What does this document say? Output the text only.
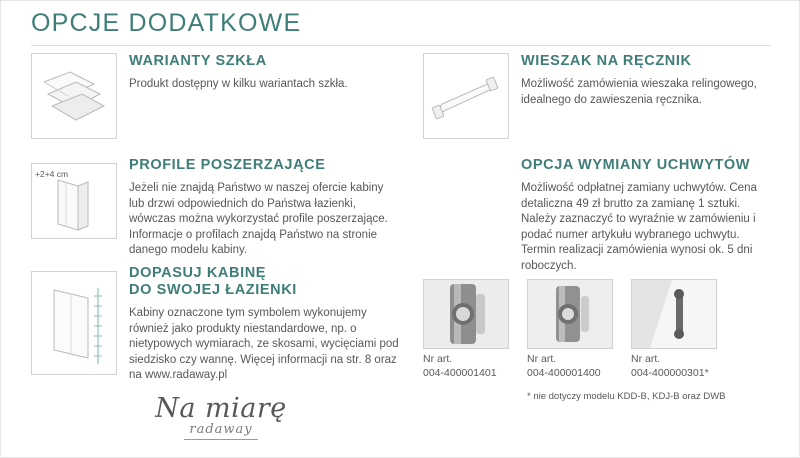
OPCJE DODATKOWE
WARIANTY SZKŁA
Produkt dostępny w kilku wariantach szkła.
+2+4 cm
PROFILE POSZERZAJĄCE
Jeżeli nie znajdą Państwo w naszej ofercie kabiny lub drzwi odpowiednich do Państwa łazienki, wówczas można wykorzystać profile poszerzające. Informacje o profilach znajdą Państwo na stronie danego modelu kabiny.
DOPASUJ KABINĘ
DO SWOJEJ ŁAZIENKI
Kabiny oznaczone tym symbolem wykonujemy również jako produkty niestandardowe, np. o nietypowych wymiarach, ze skosami, wycięciami pod siedzisko czy wannę. Więcej informacji na str. 8 oraz na www.radaway.pl
Na miarę
radaway
WIESZAK NA RĘCZNIK
Możliwość zamówienia wieszaka relingowego, idealnego do zawieszenia ręcznika.
OPCJA WYMIANY UCHWYTÓW
Możliwość odpłatnej zamiany uchwytów. Cena detaliczna 49 zł brutto za zamianę 1 sztuki. Należy zaznaczyć to wyraźnie w zamówieniu i podać numer artykułu wybranego uchwytu. Termin realizacji zamówienia wynosi ok. 5 dni roboczych.
Nr art.
004-400001401
Nr art.
004-400001400
Nr art.
004-400000301*
* nie dotyczy modelu KDD-B, KDJ-B oraz DWB
